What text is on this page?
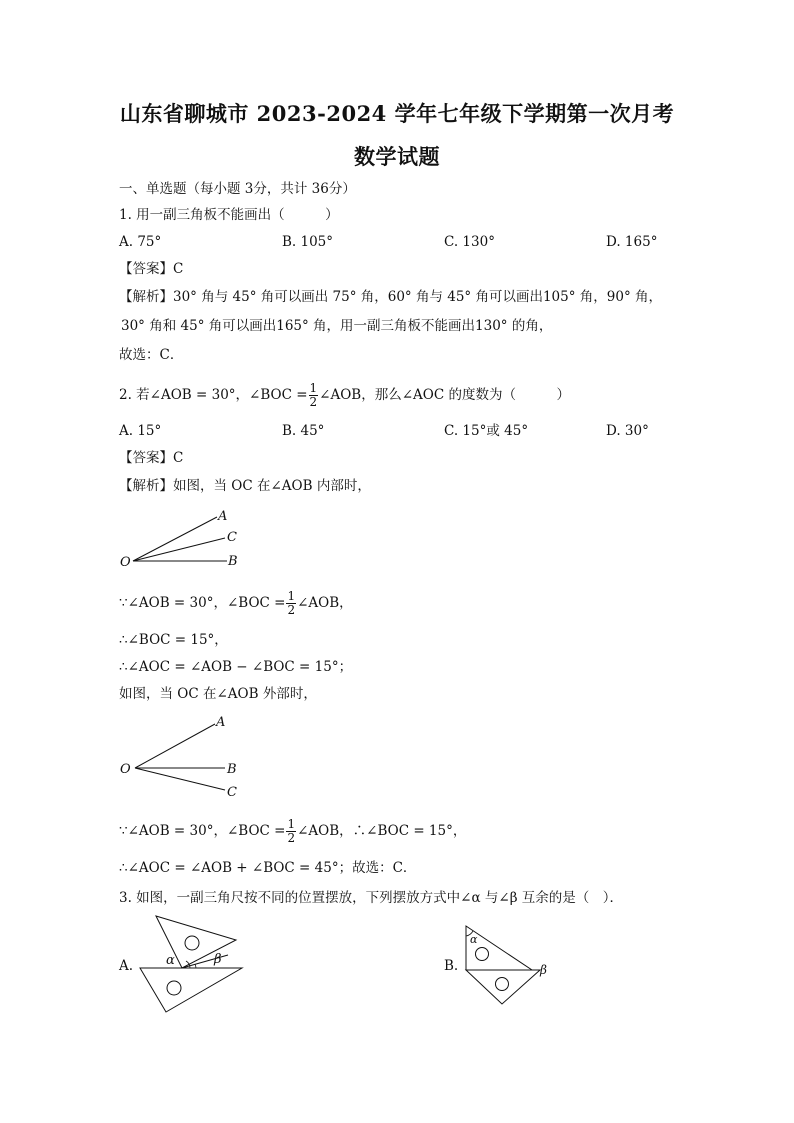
山东省聊城市 2023-2024 学年七年级下学期第一次月考
数学试题
一、单选题（每小题 3分，共计 36分）
1. 用一副三角板不能画出（　　　）
A. 75°	B. 105°	C. 130°	D. 165°
【答案】C
【解析】30° 角与 45° 角可以画出 75° 角，60° 角与 45° 角可以画出105° 角，90° 角，
30° 角和 45° 角可以画出165° 角，用一副三角板不能画出130° 的角，
故选：C．
2. 若∠AOB = 30°，∠BOC = $\frac{1}{2}$ ∠AOB，那么∠AOC 的度数为（　　　）
A. 15°	B. 45°	C. 15°或 45°	D. 30°
【答案】C
【解析】如图，当 OC 在∠AOB 内部时，
O
A
C
B
∵∠AOB = 30°，∠BOC = $\frac{1}{2}$ ∠AOB，
∴∠BOC = 15°，
∴∠AOC = ∠AOB − ∠BOC = 15°；
如图，当 OC 在∠AOB 外部时，
O
A
B
C
∵∠AOB = 30°，∠BOC = $\frac{1}{2}$ ∠AOB，∴∠BOC = 15°，
∴∠AOC = ∠AOB + ∠BOC = 45°；故选：C．
3. 如图，一副三角尺按不同的位置摆放，下列摆放方式中∠α 与∠β 互余的是（　）．
A.	α	β	B.
α
β
